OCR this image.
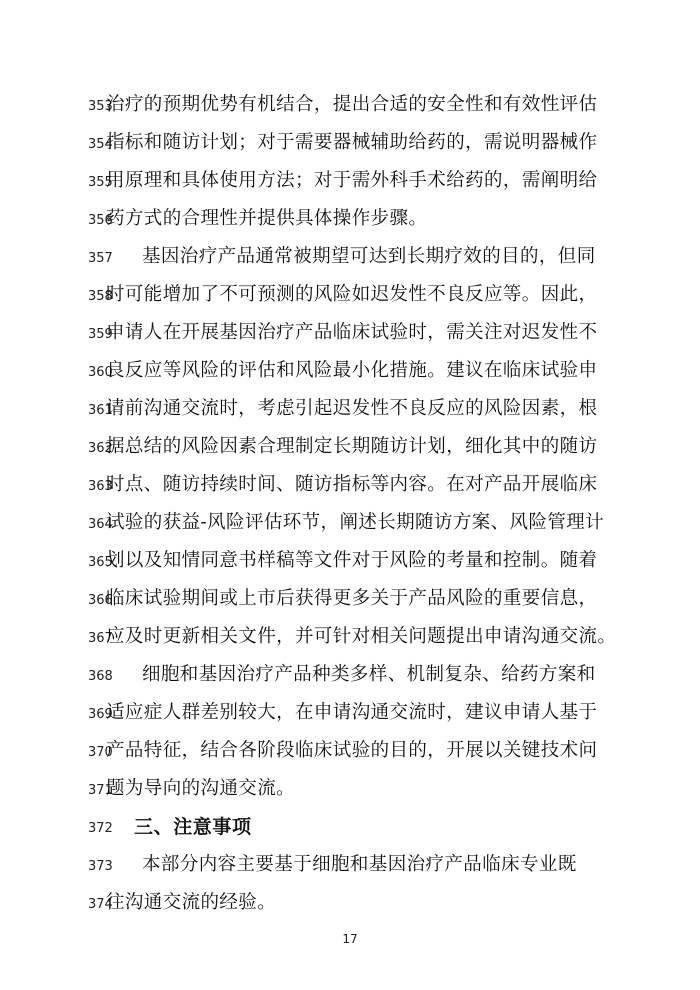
353
治疗的预期优势有机结合，提出合适的安全性和有效性评估
354
指标和随访计划；对于需要器械辅助给药的，需说明器械作
355
用原理和具体使用方法；对于需外科手术给药的，需阐明给
356
药方式的合理性并提供具体操作步骤。
357 基因治疗产品通常被期望可达到长期疗效的目的，但同
358
时可能增加了不可预测的风险如迟发性不良反应等。因此，
359
申请人在开展基因治疗产品临床试验时，需关注对迟发性不
360
良反应等风险的评估和风险最小化措施。建议在临床试验申
361
请前沟通交流时，考虑引起迟发性不良反应的风险因素，根
362
据总结的风险因素合理制定长期随访计划，细化其中的随访
363
时点、随访持续时间、随访指标等内容。在对产品开展临床
364
试验的获益-风险评估环节，阐述长期随访方案、风险管理计
365
划以及知情同意书样稿等文件对于风险的考量和控制。随着
366
临床试验期间或上市后获得更多关于产品风险的重要信息，
367
应及时更新相关文件，并可针对相关问题提出申请沟通交流。
368 细胞和基因治疗产品种类多样、机制复杂、给药方案和
369
适应症人群差别较大，在申请沟通交流时，建议申请人基于
370
产品特征，结合各阶段临床试验的目的，开展以关键技术问
371
题为导向的沟通交流。
372 三、注意事项
373 本部分内容主要基于细胞和基因治疗产品临床专业既
374
往沟通交流的经验。
17
